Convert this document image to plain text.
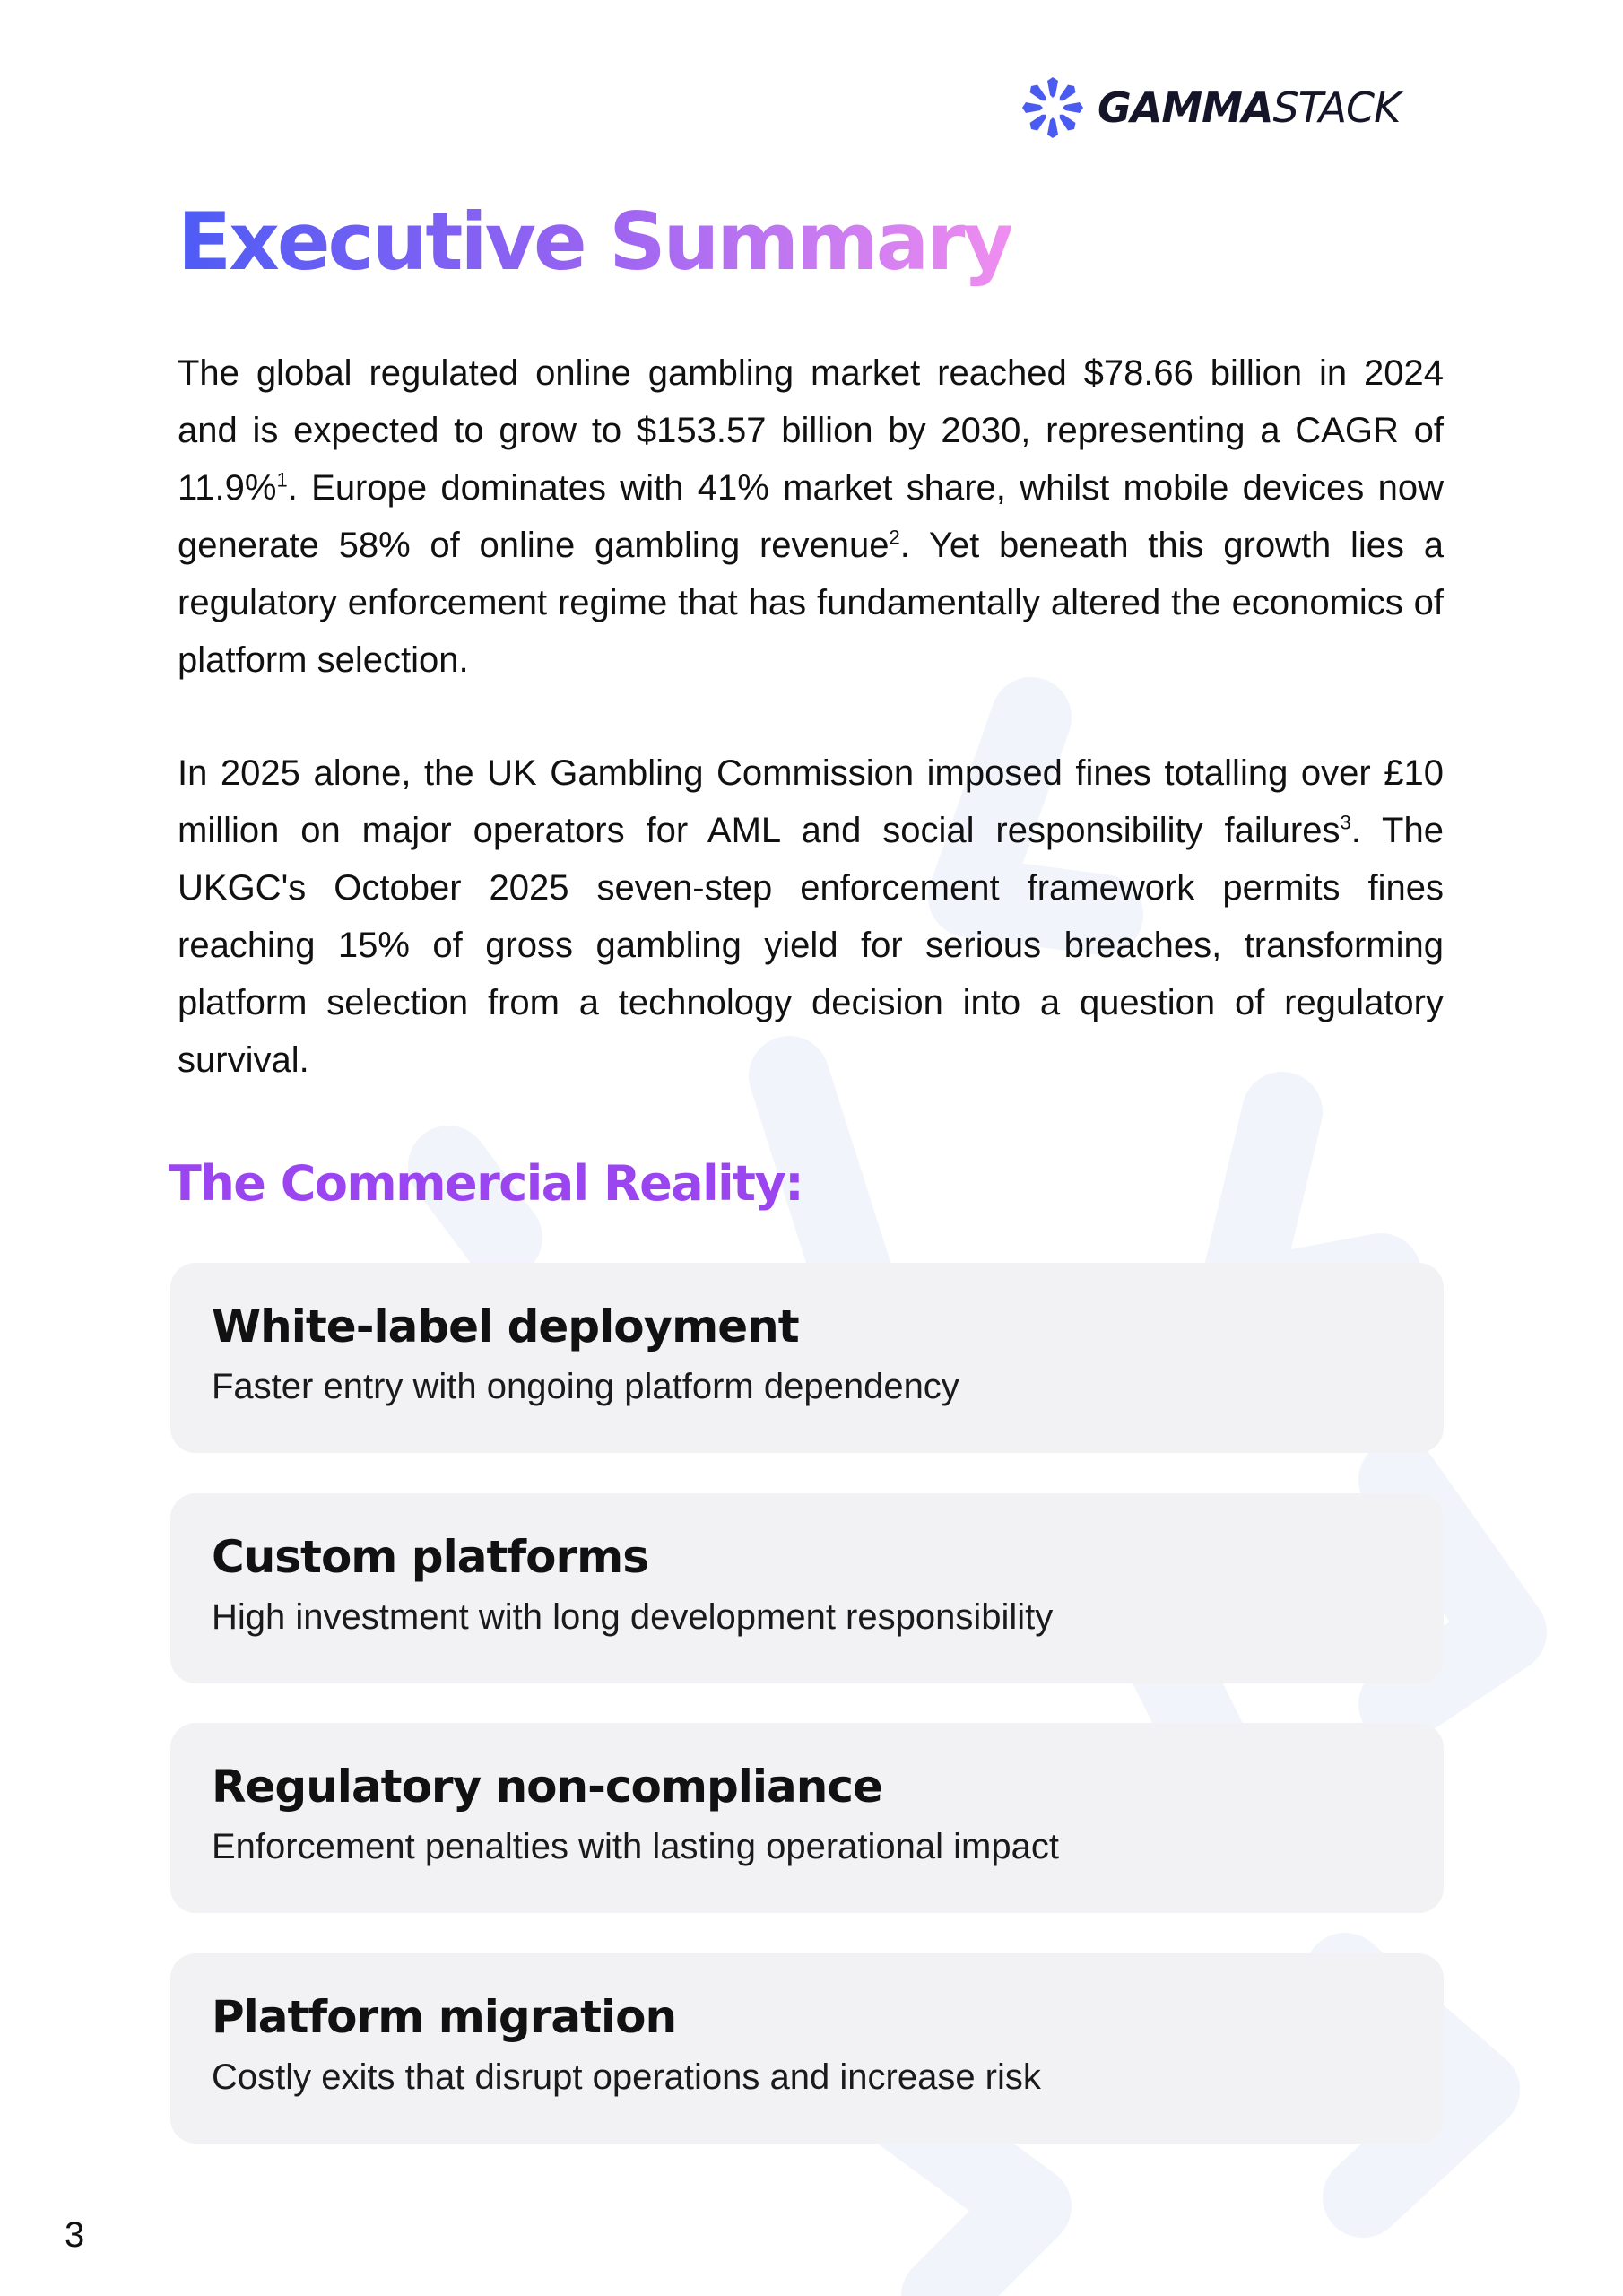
GAMMASTACK
Executive Summary

The global regulated online gambling market reached $78.66 billion in 2024 and is expected to grow to $153.57 billion by 2030, representing a CAGR of 11.9%$^1$. Europe dominates with 41% market share, whilst mobile devices now generate 58% of online gambling revenue$^2$. Yet beneath this growth lies a regulatory enforcement regime that has fundamentally altered the economics of platform selection.

In 2025 alone, the UK Gambling Commission imposed fines totalling over £10 million on major operators for AML and social responsibility failures$^3$. The UKGC's October 2025 seven-step enforcement framework permits fines reaching 15% of gross gambling yield for serious breaches, transforming platform selection from a technology decision into a question of regulatory survival.

The Commercial Reality:
White-label deployment
Faster entry with ongoing platform dependency
Custom platforms
High investment with long development responsibility
Regulatory non-compliance
Enforcement penalties with lasting operational impact
Platform migration
Costly exits that disrupt operations and increase risk
3
